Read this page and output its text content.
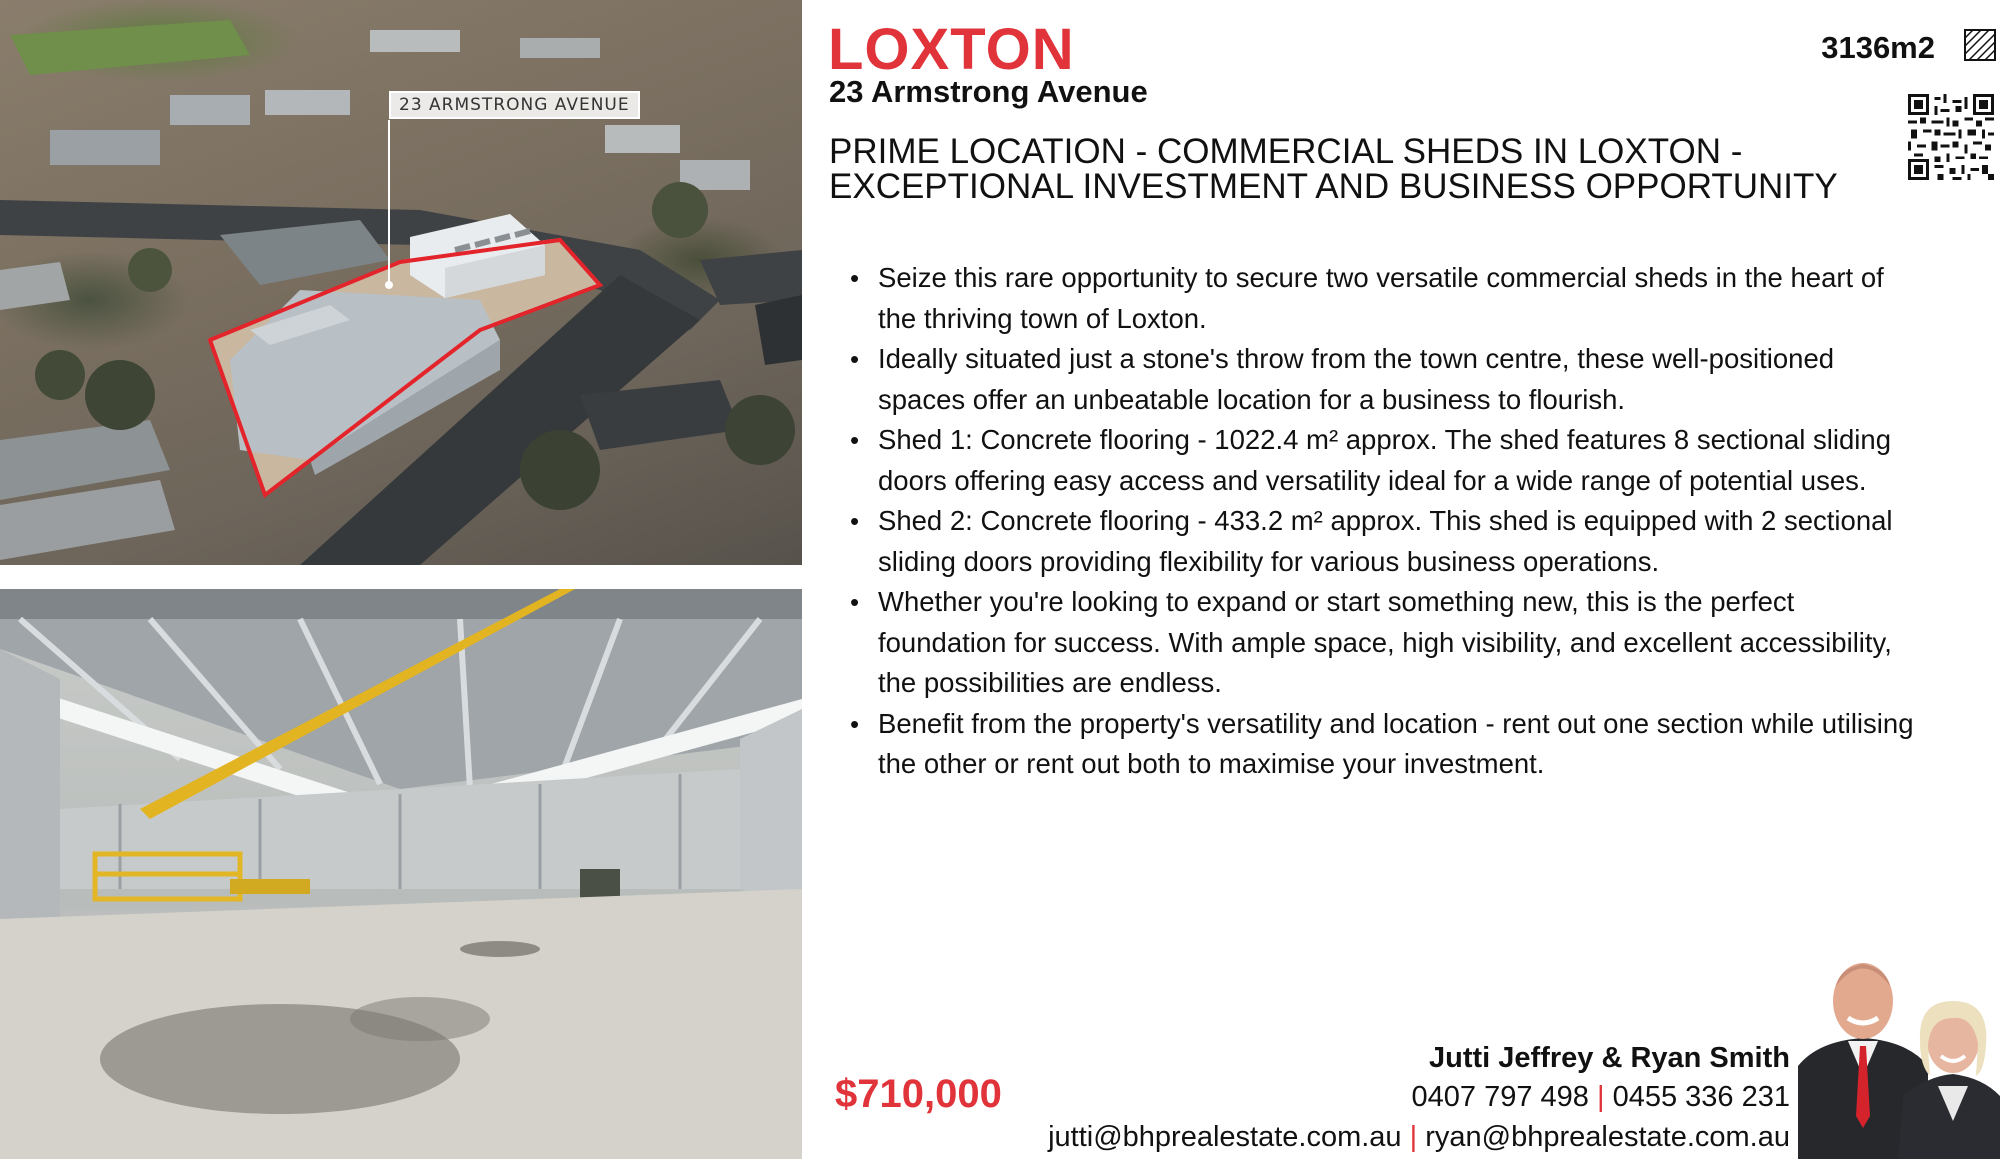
23 ARMSTRONG AVENUE
LOXTON
23 Armstrong Avenue
PRIME LOCATION - COMMERCIAL SHEDS IN LOXTON - EXCEPTIONAL INVESTMENT AND BUSINESS OPPORTUNITY
3136m2
• Seize this rare opportunity to secure two versatile commercial sheds in the heart of the thriving town of Loxton.
• Ideally situated just a stone's throw from the town centre, these well-positioned spaces offer an unbeatable location for a business to flourish.
• Shed 1: Concrete flooring - 1022.4 m² approx. The shed features 8 sectional sliding doors offering easy access and versatility ideal for a wide range of potential uses.
• Shed 2: Concrete flooring - 433.2 m² approx. This shed is equipped with 2 sectional sliding doors providing flexibility for various business operations.
• Whether you're looking to expand or start something new, this is the perfect foundation for success. With ample space, high visibility, and excellent accessibility, the possibilities are endless.
• Benefit from the property's versatility and location - rent out one section while utilising the other or rent out both to maximise your investment.
$710,000
Jutti Jeffrey & Ryan Smith
0407 797 498 | 0455 336 231
jutti@bhprealestate.com.au | ryan@bhprealestate.com.au
